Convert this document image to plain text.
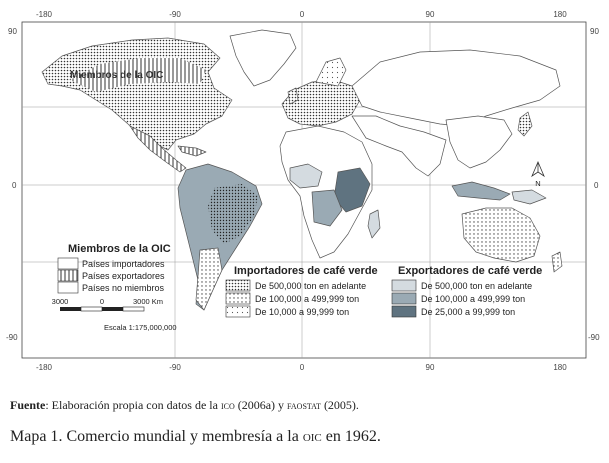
-180	-90	0	90	180
-180	-90	0	90	180
90
0
-90
90
0
-90
Miembros de la OIC
N
Miembros de la OIC
Países importadores
Países exportadores
Países no miembros
3000	0	3000 Km
Escala 1:175,000,000
Importadores de café verde
De 500,000 ton en adelante
De 100,000 a 499,999 ton
De 10,000 a 99,999 ton
Exportadores de café verde
De 500,000 ton en adelante
De 100,000 a 499,999 ton
De 25,000 a 99,999 ton

Fuente: Elaboración propia con datos de la ico (2006a) y faostat (2005).

Mapa 1. Comercio mundial y membresía a la oic en 1962.
